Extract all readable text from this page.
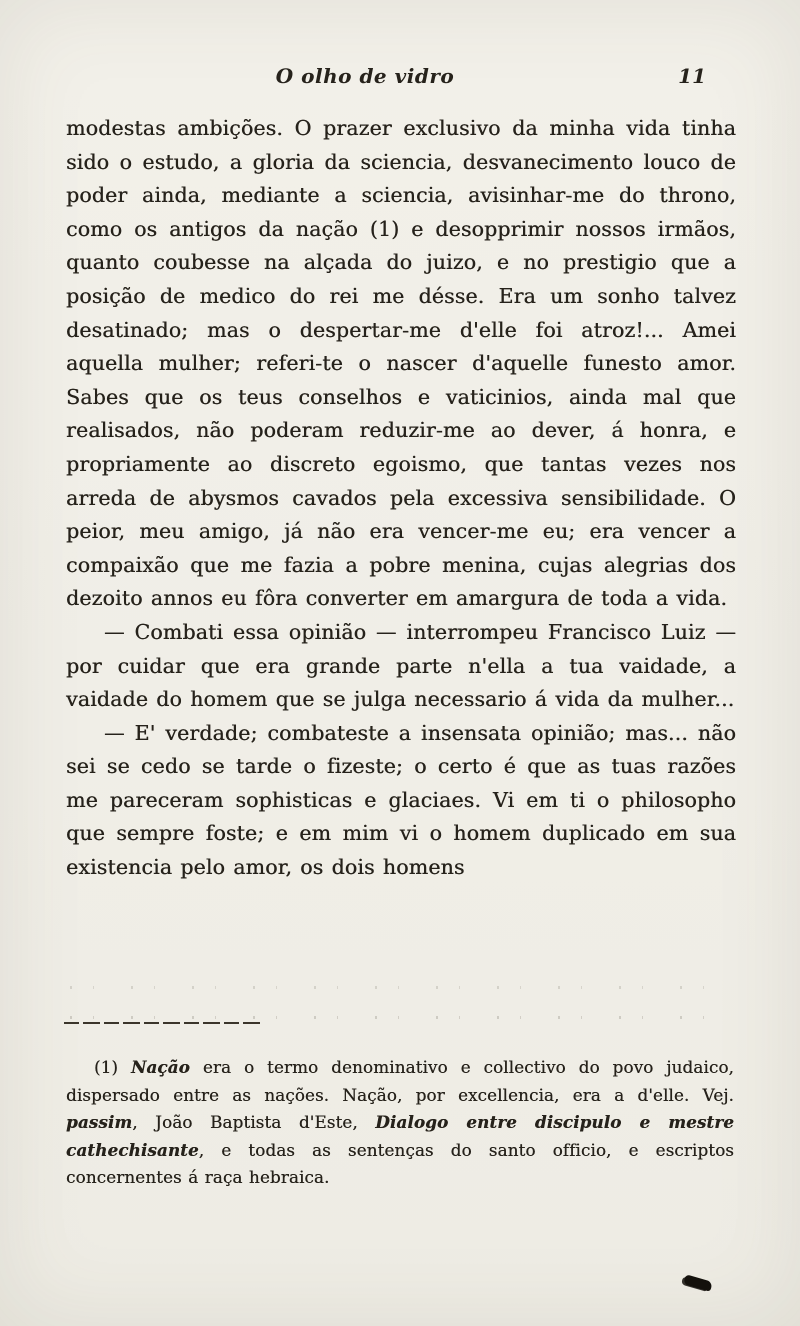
O olho de vidro	11

modestas ambições. O prazer exclusivo da minha vida tinha sido o estudo, a gloria da sciencia, desvanecimento louco de poder ainda, mediante a sciencia, avisinhar-me do throno, como os antigos da nação (1) e desopprimir nossos irmãos, quanto coubesse na alçada do juizo, e no prestigio que a posição de medico do rei me désse. Era um sonho talvez desatinado; mas o despertar-me d'elle foi atroz!... Amei aquella mulher; referi-te o nascer d'aquelle funesto amor. Sabes que os teus conselhos e vaticinios, ainda mal que realisados, não poderam reduzir-me ao dever, á honra, e propriamente ao discreto egoismo, que tantas vezes nos arreda de abysmos cavados pela excessiva sensibilidade. O peior, meu amigo, já não era vencer-me eu; era vencer a compaixão que me fazia a pobre menina, cujas alegrias dos dezoito annos eu fôra converter em amargura de toda a vida.

— Combati essa opinião — interrompeu Francisco Luiz — por cuidar que era grande parte n'ella a tua vaidade, a vaidade do homem que se julga necessario á vida da mulher...

— E' verdade; combateste a insensata opinião; mas... não sei se cedo se tarde o fizeste; o certo é que as tuas razões me pareceram sophisticas e glaciaes. Vi em ti o philosopho que sempre foste; e em mim vi o homem duplicado em sua existencia pelo amor, os dois homens

(1) Nação era o termo denominativo e collectivo do povo judaico, dispersado entre as nações. Nação, por excellencia, era a d'elle. Vej. passim, João Baptista d'Este, Dialogo entre discipulo e mestre cathechisante, e todas as sentenças do santo officio, e escriptos concernentes á raça hebraica.
